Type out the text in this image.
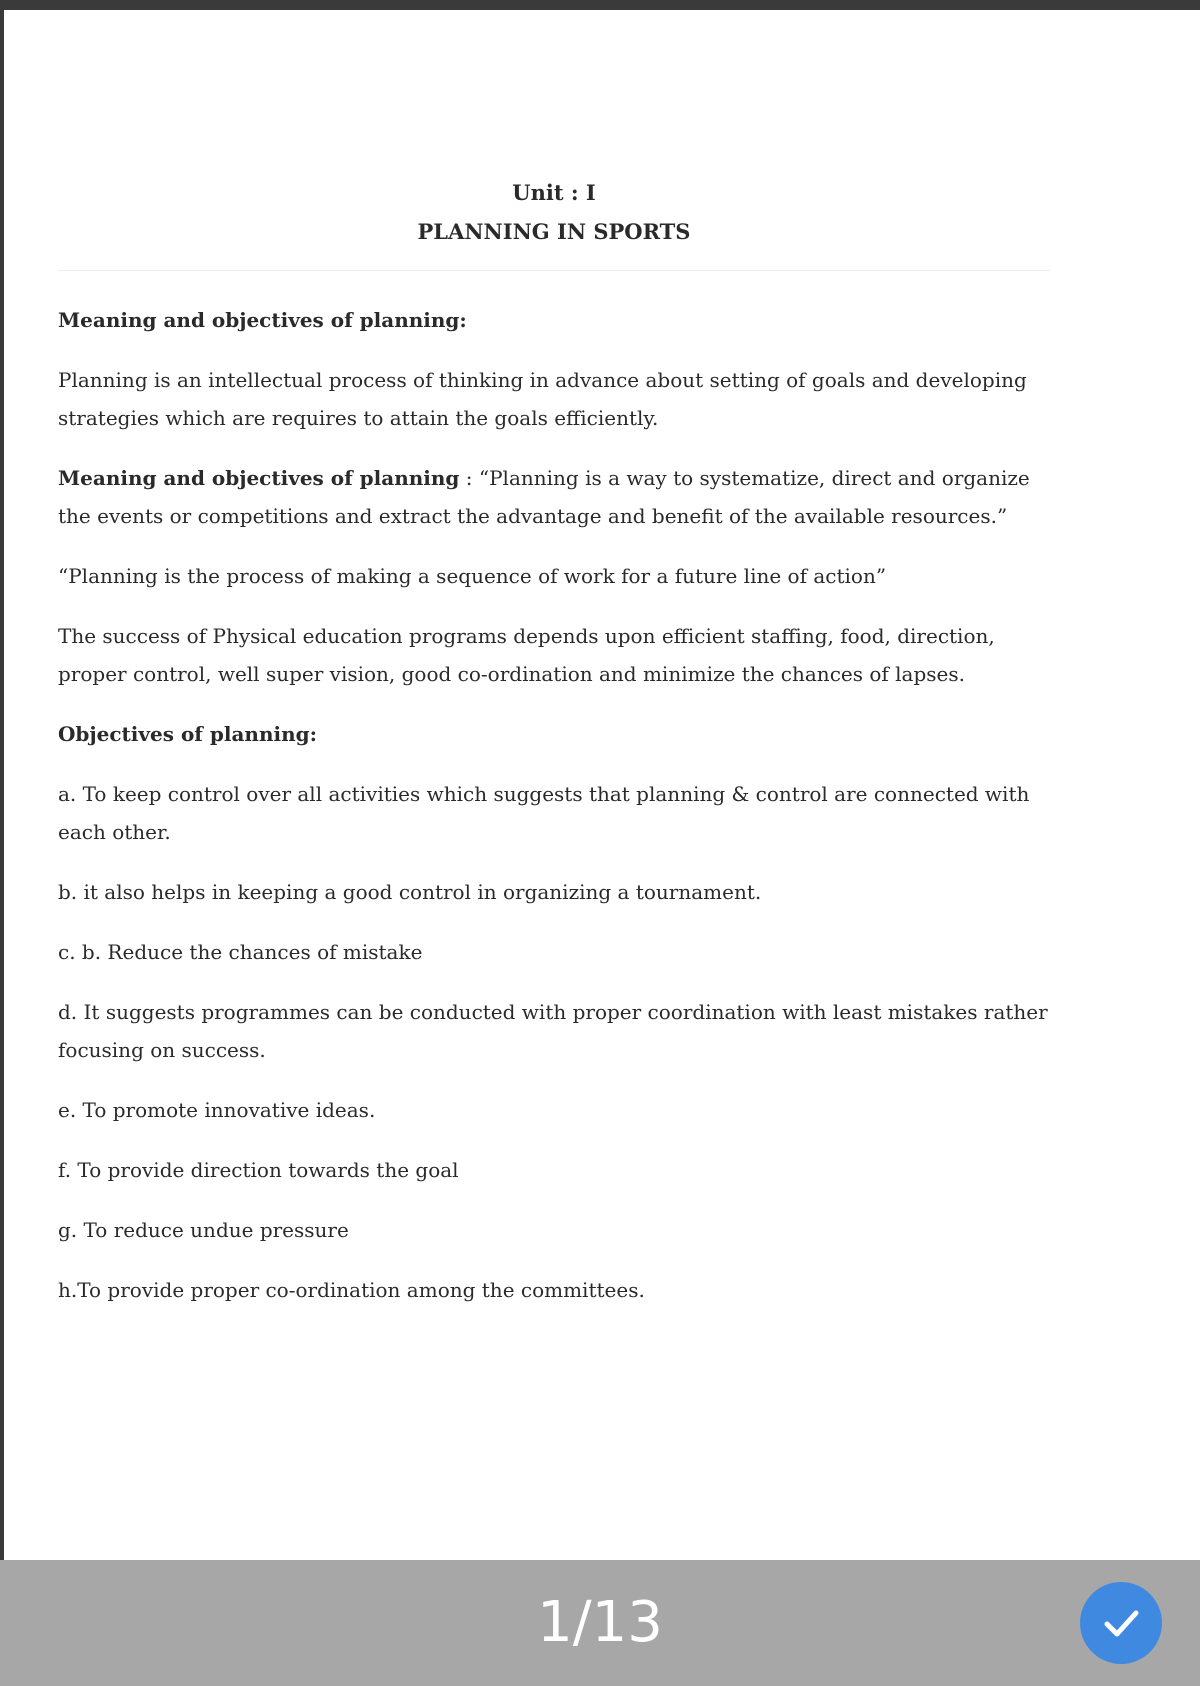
Unit : I
PLANNING IN SPORTS
Meaning and objectives of planning:
Planning is an intellectual process of thinking in advance about setting of goals and developing strategies which are requires to attain the goals efficiently.
Meaning and objectives of planning : “Planning is a way to systematize, direct and organize the events or competitions and extract the advantage and benefit of the available resources.”
“Planning is the process of making a sequence of work for a future line of action”
The success of Physical education programs depends upon efficient staffing, food, direction, proper control, well super vision, good co-ordination and minimize the chances of lapses.
Objectives of planning:
a. To keep control over all activities which suggests that planning & control are connected with each other.
b. it also helps in keeping a good control in organizing a tournament.
c. b. Reduce the chances of mistake
d. It suggests programmes can be conducted with proper coordination with least mistakes rather focusing on success.
e. To promote innovative ideas.
f. To provide direction towards the goal
g. To reduce undue pressure
h.To provide proper co-ordination among the committees.
1/13
